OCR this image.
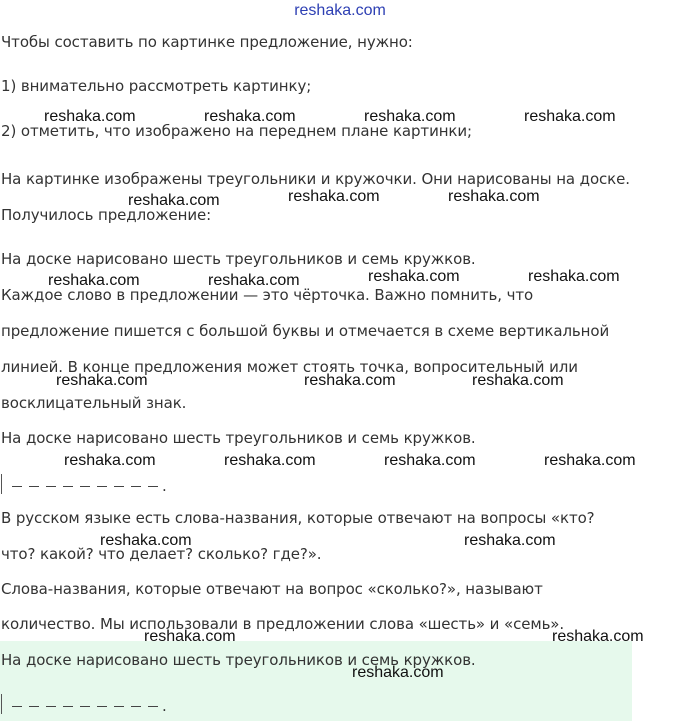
reshaka.com
Чтобы составить по картинке предложение, нужно:
1) внимательно рассмотреть картинку;
2) отметить, что изображено на переднем плане картинки;
На картинке изображены треугольники и кружочки. Они нарисованы на доске.
Получилось предложение:
На доске нарисовано шесть треугольников и семь кружков.
Каждое слово в предложении — это чёрточка. Важно помнить, что
предложение пишется с большой буквы и отмечается в схеме вертикальной
линией. В конце предложения может стоять точка, вопросительный или
восклицательный знак.
На доске нарисовано шесть треугольников и семь кружков.
.
В русском языке есть слова-названия, которые отвечают на вопросы «кто?
что? какой? что делает? сколько? где?».
Слова-названия, которые отвечают на вопрос «сколько?», называют
количество. Мы использовали в предложении слова «шесть» и «семь».
На доске нарисовано шесть треугольников и семь кружков.
.
reshaka.com	reshaka.com	reshaka.com	reshaka.com
reshaka.com	reshaka.com	reshaka.com
reshaka.com	reshaka.com	reshaka.com	reshaka.com
reshaka.com	reshaka.com	reshaka.com
reshaka.com	reshaka.com	reshaka.com	reshaka.com
reshaka.com	reshaka.com
reshaka.com	reshaka.com
reshaka.com
